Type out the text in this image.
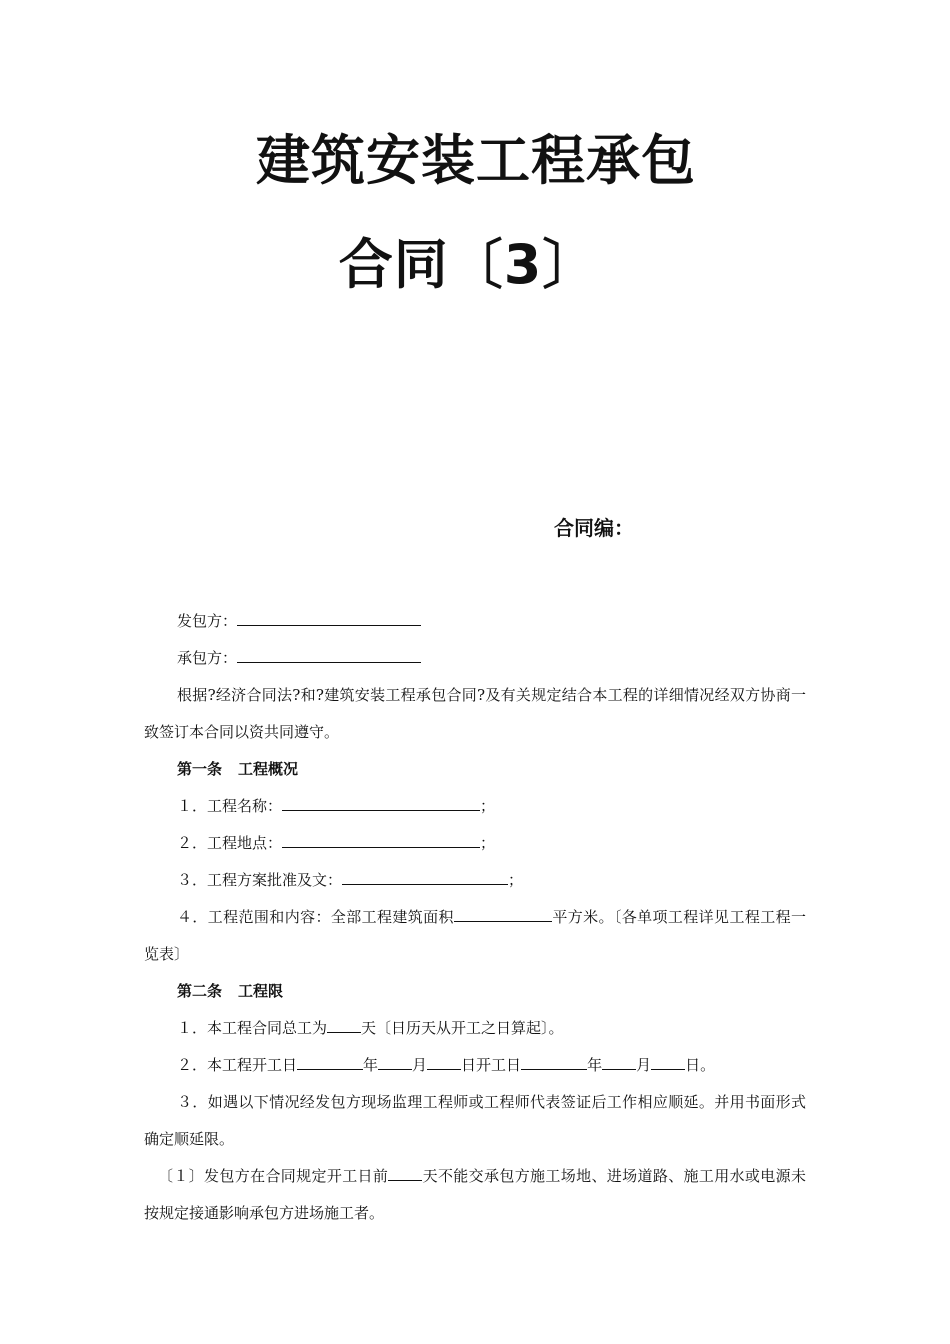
建筑安装工程承包
合同〔3〕

合同编：

发包方：
承包方：
根据?经济合同法?和?建筑安装工程承包合同?及有关规定结合本工程的详细情况经双方协商一致签订本合同以资共同遵守。
第一条 工程概况
１．工程名称：	；
２．工程地点：	；
３．工程方案批准及文：	；
４．工程范围和内容：全部工程建筑面积	平方米。〔各单项工程详见工程工程一览表〕
第二条 工程限
１．本工程合同总工为 天〔日历天从开工之日算起〕。
２．本工程开工日	年 月 日开工日	年 月 日。
３．如遇以下情况经发包方现场监理工程师或工程师代表签证后工作相应顺延。并用书面形式确定顺延限。
〔１〕发包方在合同规定开工日前 天不能交承包方施工场地、进场道路、施工用水或电源未按规定接通影响承包方进场施工者。
